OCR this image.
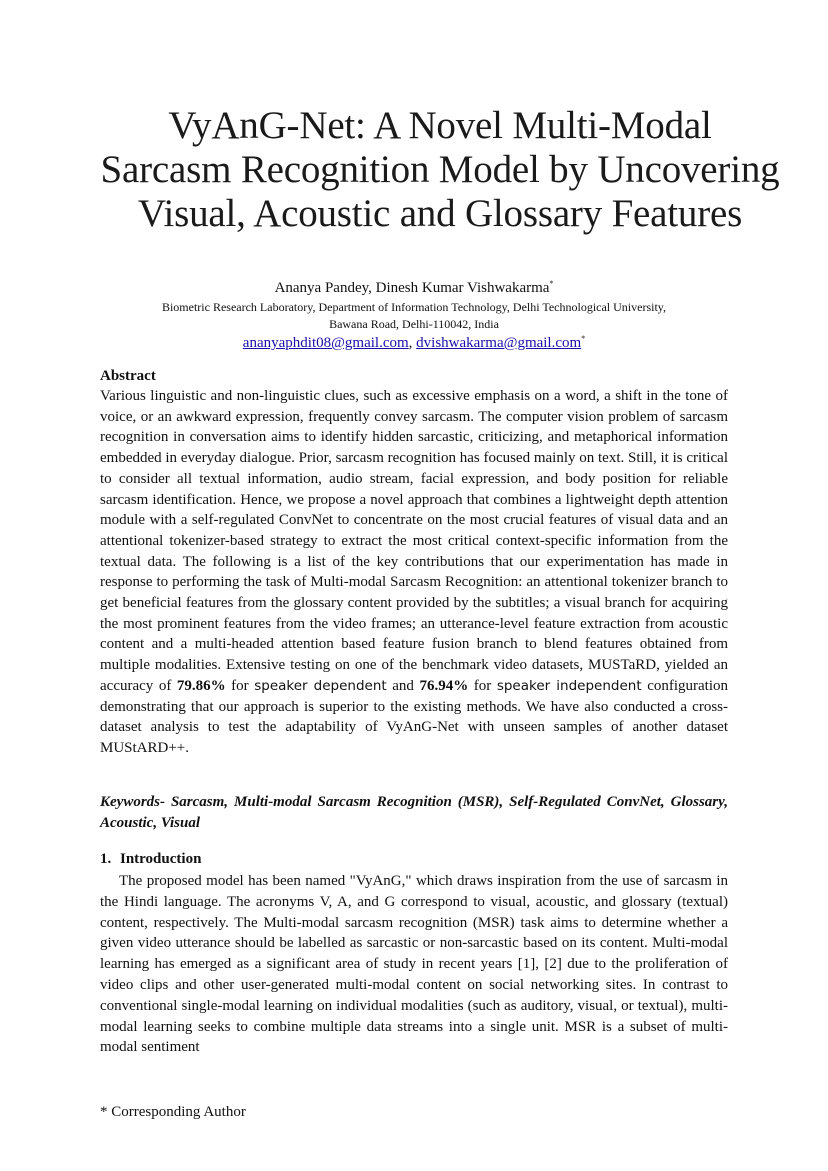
VyAnG-Net: A Novel Multi-Modal Sarcasm Recognition Model by Uncovering Visual, Acoustic and Glossary Features
Ananya Pandey, Dinesh Kumar Vishwakarma*
Biometric Research Laboratory, Department of Information Technology, Delhi Technological University,
Bawana Road, Delhi-110042, India
ananyaphdit08@gmail.com, dvishwakarma@gmail.com*
Abstract

Various linguistic and non-linguistic clues, such as excessive emphasis on a word, a shift in the tone of voice, or an awkward expression, frequently convey sarcasm. The computer vision problem of sarcasm recognition in conversation aims to identify hidden sarcastic, criticizing, and metaphorical information embedded in everyday dialogue. Prior, sarcasm recognition has focused mainly on text. Still, it is critical to consider all textual information, audio stream, facial expression, and body position for reliable sarcasm identification. Hence, we propose a novel approach that combines a lightweight depth attention module with a self-regulated ConvNet to concentrate on the most crucial features of visual data and an attentional tokenizer-based strategy to extract the most critical context-specific information from the textual data. The following is a list of the key contributions that our experimentation has made in response to performing the task of Multi-modal Sarcasm Recognition: an attentional tokenizer branch to get beneficial features from the glossary content provided by the subtitles; a visual branch for acquiring the most prominent features from the video frames; an utterance-level feature extraction from acoustic content and a multi-headed attention based feature fusion branch to blend features obtained from multiple modalities. Extensive testing on one of the benchmark video datasets, MUSTaRD, yielded an accuracy of 79.86% for speaker dependent and 76.94% for speaker independent configuration demonstrating that our approach is superior to the existing methods. We have also conducted a cross-dataset analysis to test the adaptability of VyAnG-Net with unseen samples of another dataset MUStARD++.

Keywords- Sarcasm, Multi-modal Sarcasm Recognition (MSR), Self-Regulated ConvNet, Glossary, Acoustic, Visual
1. Introduction

The proposed model has been named "VyAnG," which draws inspiration from the use of sarcasm in the Hindi language. The acronyms V, A, and G correspond to visual, acoustic, and glossary (textual) content, respectively. The Multi-modal sarcasm recognition (MSR) task aims to determine whether a given video utterance should be labelled as sarcastic or non-sarcastic based on its content. Multi-modal learning has emerged as a significant area of study in recent years [1], [2] due to the proliferation of video clips and other user-generated multi-modal content on social networking sites. In contrast to conventional single-modal learning on individual modalities (such as auditory, visual, or textual), multi-modal learning seeks to combine multiple data streams into a single unit. MSR is a subset of multi-modal sentiment

* Corresponding Author
